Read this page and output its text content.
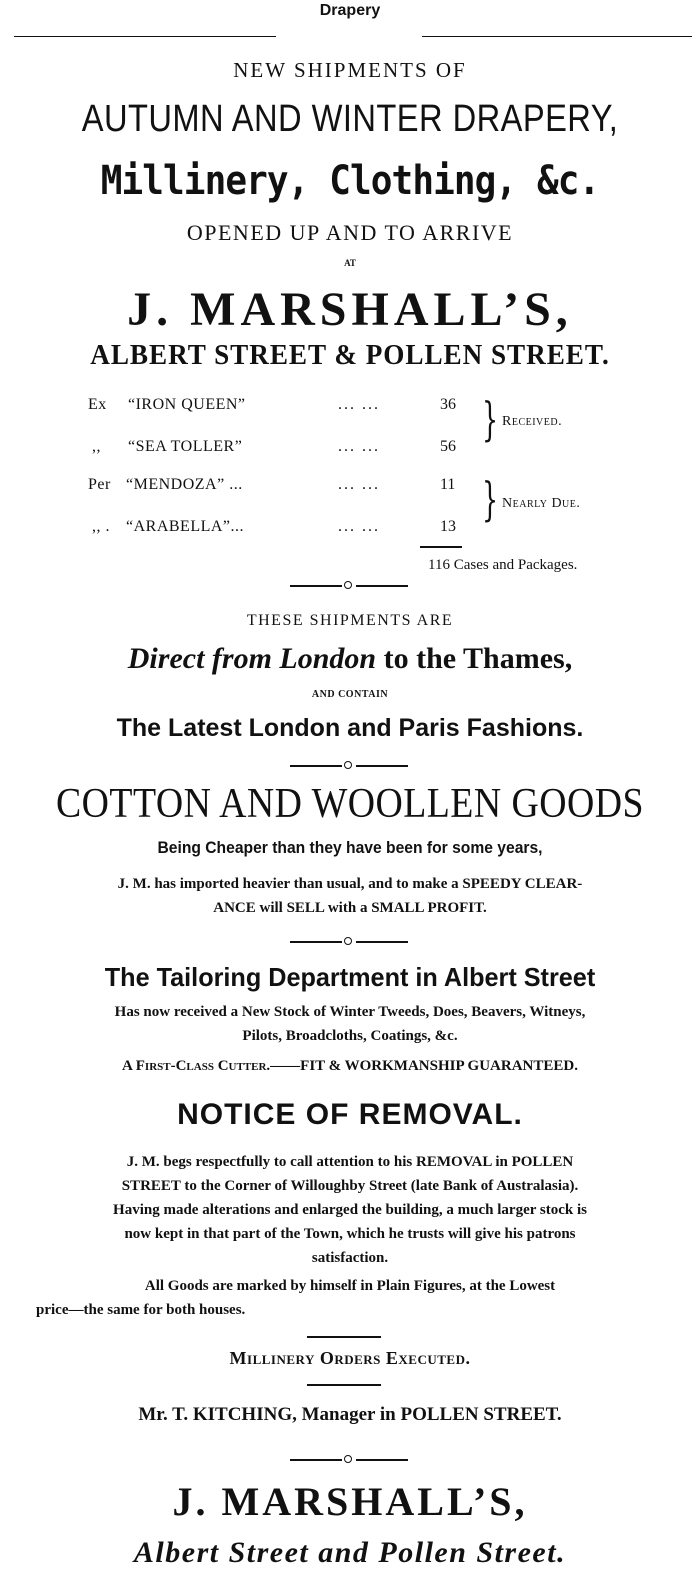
Drapery
NEW SHIPMENTS OF
AUTUMN AND WINTER DRAPERY,
Millinery, Clothing, &c.
OPENED UP AND TO ARRIVE
AT
J. MARSHALL’S,
ALBERT STREET & POLLEN STREET.
Ex “IRON QUEEN”	... ...	36
,, “SEA TOLLER”	... ...	56
} Received.
Per “MENDOZA” ...	... ...	11
,, . “ARABELLA”...	... ...	13
} Nearly Due.
116 Cases and Packages.
THESE SHIPMENTS ARE
Direct from London to the Thames,
AND CONTAIN
The Latest London and Paris Fashions.
COTTON AND WOOLLEN GOODS
Being Cheaper than they have been for some years,
J. M. has imported heavier than usual, and to make a SPEEDY CLEAR-
ANCE will SELL with a SMALL PROFIT.
The Tailoring Department in Albert Street
Has now received a New Stock of Winter Tweeds, Does, Beavers, Witneys,
Pilots, Broadcloths, Coatings, &c.
A First-Class Cutter.——FIT & WORKMANSHIP GUARANTEED.
NOTICE OF REMOVAL.
J. M. begs respectfully to call attention to his REMOVAL in POLLEN
STREET to the Corner of Willoughby Street (late Bank of Australasia).
Having made alterations and enlarged the building, a much larger stock is
now kept in that part of the Town, which he trusts will give his patrons
satisfaction.
All Goods are marked by himself in Plain Figures, at the Lowest
price—the same for both houses.
Millinery Orders Executed.
Mr. T. KITCHING, Manager in POLLEN STREET.
J. MARSHALL’S,
Albert Street and Pollen Street.
